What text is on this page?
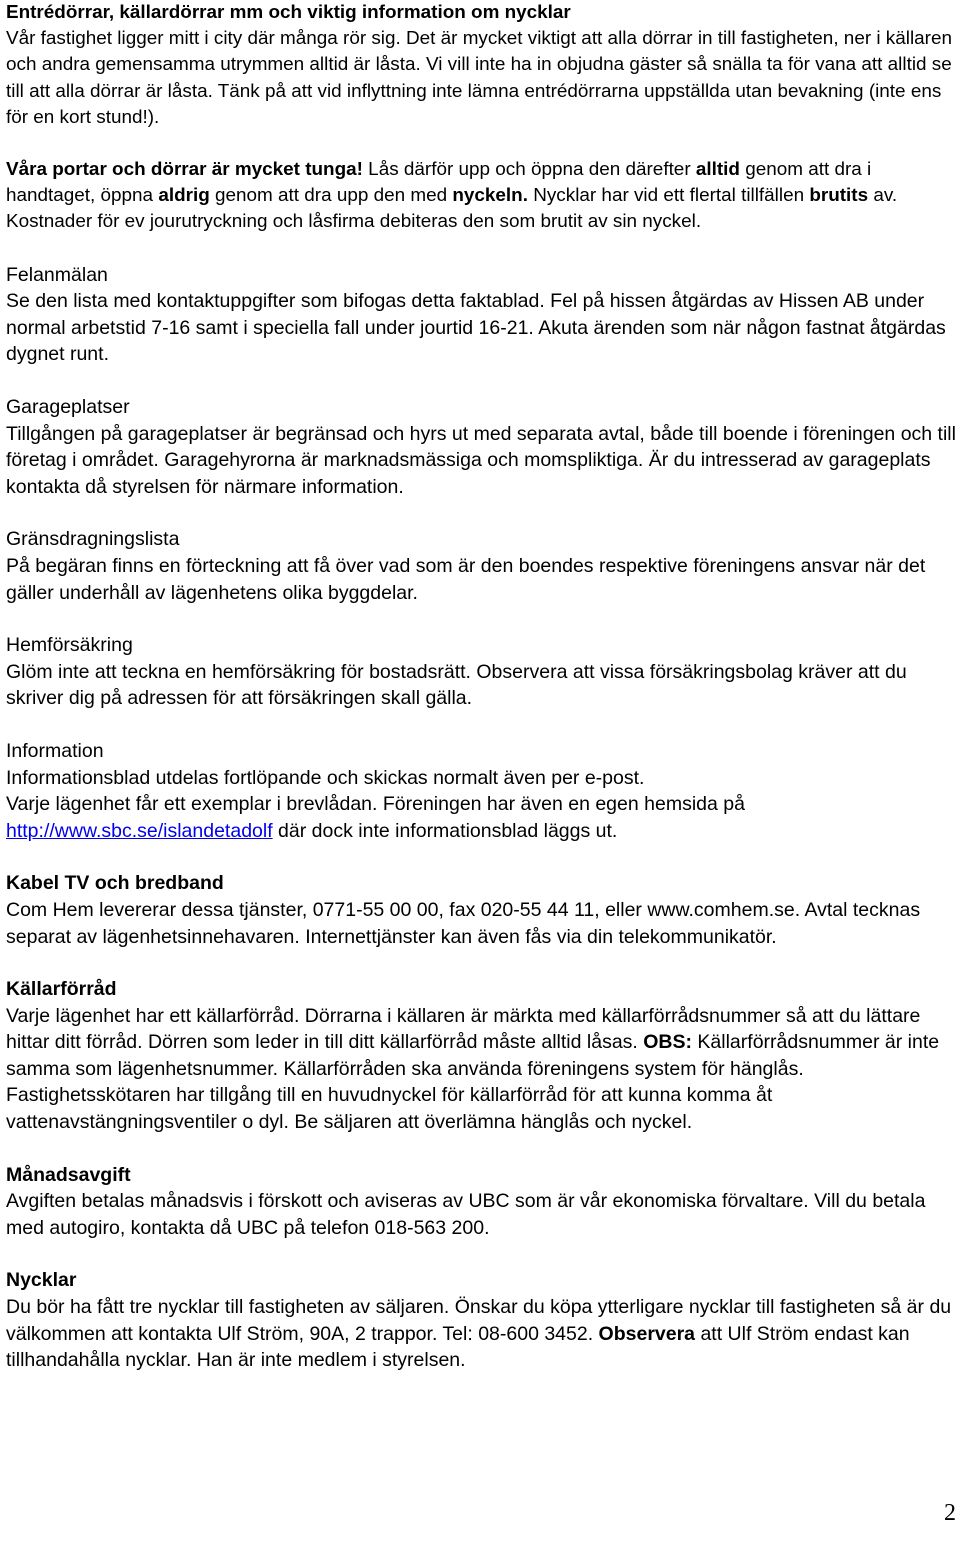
Entrédörrar, källardörrar mm och viktig information om nycklar

Vår fastighet ligger mitt i city där många rör sig. Det är mycket viktigt att alla dörrar in till fastigheten, ner i källaren och andra gemensamma utrymmen alltid är låsta. Vi vill inte ha in objudna gäster så snälla ta för vana att alltid se till att alla dörrar är låsta. Tänk på att vid inflyttning inte lämna entrédörrarna uppställda utan bevakning (inte ens för en kort stund!).

Våra portar och dörrar är mycket tunga! Lås därför upp och öppna den därefter alltid genom att dra i handtaget, öppna aldrig genom att dra upp den med nyckeln. Nycklar har vid ett flertal tillfällen brutits av. Kostnader för ev jourutryckning och låsfirma debiteras den som brutit av sin nyckel.

Felanmälan

Se den lista med kontaktuppgifter som bifogas detta faktablad. Fel på hissen åtgärdas av Hissen AB under normal arbetstid 7-16 samt i speciella fall under jourtid 16-21. Akuta ärenden som när någon fastnat åtgärdas dygnet runt.

Garageplatser

Tillgången på garageplatser är begränsad och hyrs ut med separata avtal, både till boende i föreningen och till företag i området. Garagehyrorna är marknadsmässiga och momspliktiga. Är du intresserad av garageplats kontakta då styrelsen för närmare information.

Gränsdragningslista

På begäran finns en förteckning att få över vad som är den boendes respektive föreningens ansvar när det gäller underhåll av lägenhetens olika byggdelar.

Hemförsäkring

Glöm inte att teckna en hemförsäkring för bostadsrätt. Observera att vissa försäkringsbolag kräver att du skriver dig på adressen för att försäkringen skall gälla.

Information

Informationsblad utdelas fortlöpande och skickas normalt även per e-post.

Varje lägenhet får ett exemplar i brevlådan. Föreningen har även en egen hemsida på

http://www.sbc.se/islandetadolf där dock inte informationsblad läggs ut.

Kabel TV och bredband

Com Hem levererar dessa tjänster, 0771-55 00 00, fax 020-55 44 11, eller www.comhem.se. Avtal tecknas separat av lägenhetsinnehavaren. Internettjänster kan även fås via din telekommunikatör.

Källarförråd

Varje lägenhet har ett källarförråd. Dörrarna i källaren är märkta med källarförrådsnummer så att du lättare hittar ditt förråd. Dörren som leder in till ditt källarförråd måste alltid låsas. OBS: Källarförrådsnummer är inte samma som lägenhetsnummer. Källarförråden ska använda föreningens system för hänglås. Fastighetsskötaren har tillgång till en huvudnyckel för källarförråd för att kunna komma åt vattenavstängningsventiler o dyl. Be säljaren att överlämna hänglås och nyckel.

Månadsavgift

Avgiften betalas månadsvis i förskott och aviseras av UBC som är vår ekonomiska förvaltare. Vill du betala med autogiro, kontakta då UBC på telefon 018-563 200.

Nycklar

Du bör ha fått tre nycklar till fastigheten av säljaren. Önskar du köpa ytterligare nycklar till fastigheten så är du välkommen att kontakta Ulf Ström, 90A, 2 trappor. Tel: 08-600 3452. Observera att Ulf Ström endast kan tillhandahålla nycklar. Han är inte medlem i styrelsen.

2
